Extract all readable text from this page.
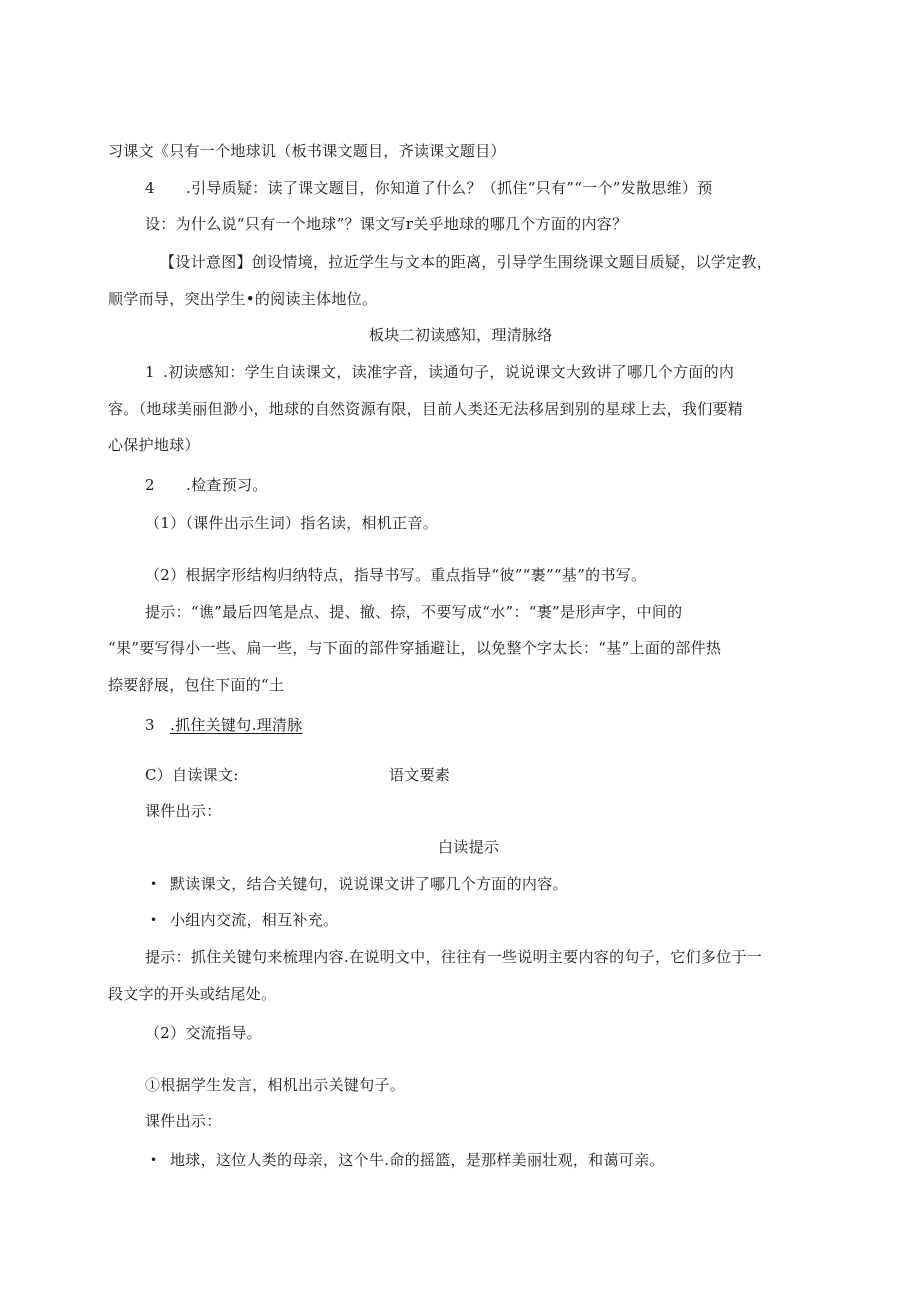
习课文《只有一个地球讥（板书课文题目，齐读课文题目）
4 .引导质疑：读了课文题目，你知道了什么？（抓住“只有”“一个”发散思维）预
设：为什么说“只有一个地球”？课文写r关乎地球的哪几个方面的内容？
【设计意图】创设情境，拉近学生与文本的距离，引导学生围绕课文题目质疑，以学定教，
顺学而导，突出学生•的阅读主体地位。
板块二初读感知，理清脉络
1 .初读感知：学生自读课文，读准字音，读通句子，说说课文大致讲了哪几个方面的内
容。（地球美丽但渺小，地球的自然资源有限，目前人类还无法移居到别的星球上去，我们要精
心保护地球）
2 .检查预习。
（1）（课件出示生词）指名读，相机正音。
（2）根据字形结构归纳特点，指导书写。重点指导“彼”“裹”“基”的书写。
提示：“谯”最后四笔是点、提、撤、捺，不要写成“水”：“裹”是形声字，中间的
“果”要写得小一些、扁一些，与下面的部件穿插避让，以免整个字太长：“基”上面的部件热
捺要舒展，包住下面的“土
3 .抓住关键句.理清脉
C）自读课文:	语文要素
课件出示：
白读提示
• 默读课文，结合关键句，说说课文讲了哪几个方面的内容。
• 小组内交流，相互补充。
提示：抓住关键句来梳理内容.在说明文中，往往有一些说明主要内容的句子，它们多位于一
段文字的开头或结尾处。
（2）交流指导。
①根据学生发言，相机出示关键句子。
课件出示：
• 地球，这位人类的母亲，这个牛.命的摇篮，是那样美丽壮观，和蔼可亲。
